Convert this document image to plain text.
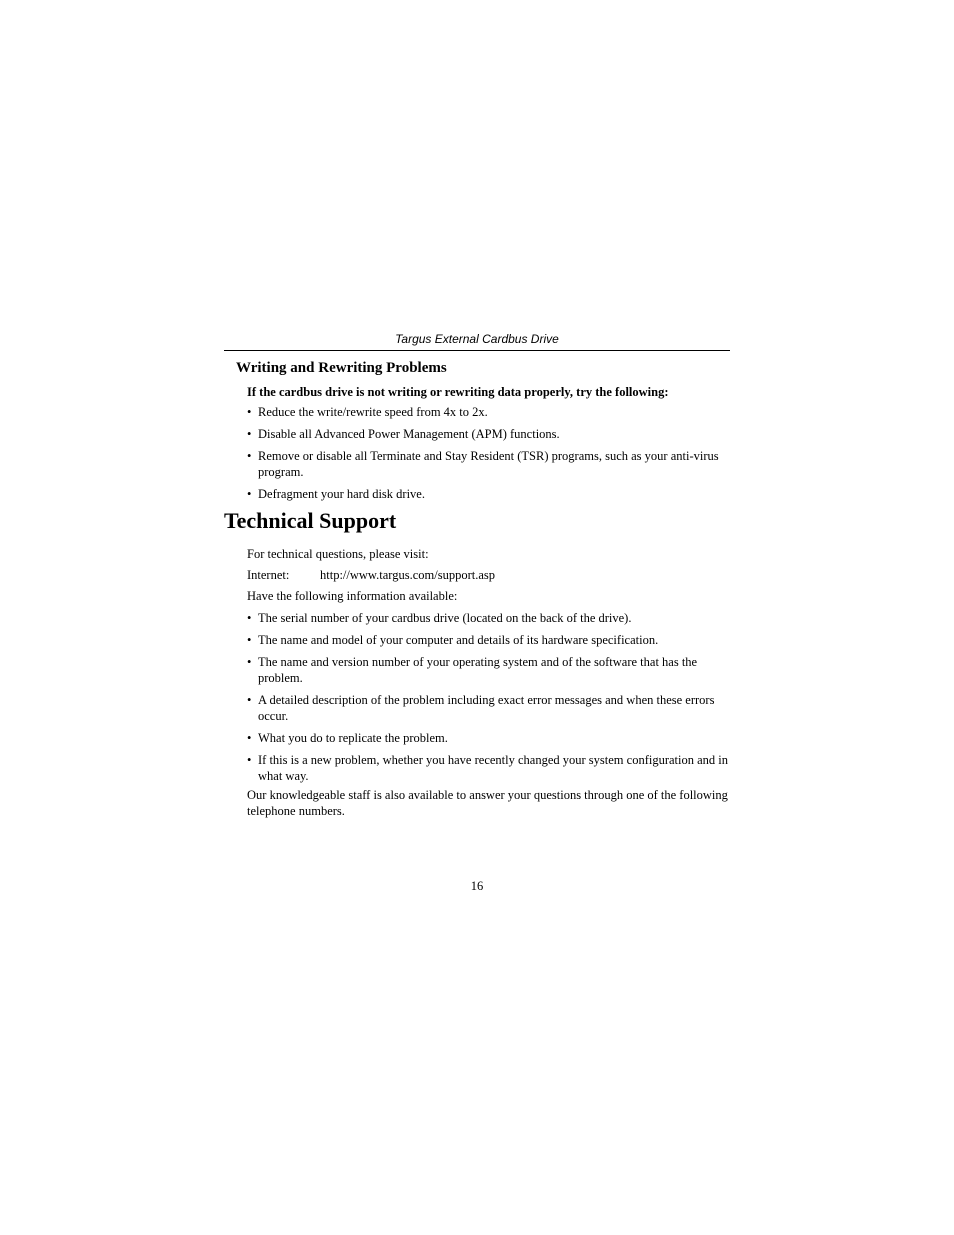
Targus External Cardbus Drive
Writing and Rewriting Problems
If the cardbus drive is not writing or rewriting data properly, try the following:
• Reduce the write/rewrite speed from 4x to 2x.
• Disable all Advanced Power Management (APM) functions.
• Remove or disable all Terminate and Stay Resident (TSR) programs, such as your anti-virus program.
• Defragment your hard disk drive.
Technical Support
For technical questions, please visit:
Internet: http://www.targus.com/support.asp
Have the following information available:
• The serial number of your cardbus drive (located on the back of the drive).
• The name and model of your computer and details of its hardware specification.
• The name and version number of your operating system and of the software that has the problem.
• A detailed description of the problem including exact error messages and when these errors occur.
• What you do to replicate the problem.
• If this is a new problem, whether you have recently changed your system configuration and in what way.
Our knowledgeable staff is also available to answer your questions through one of the following telephone numbers.
16
